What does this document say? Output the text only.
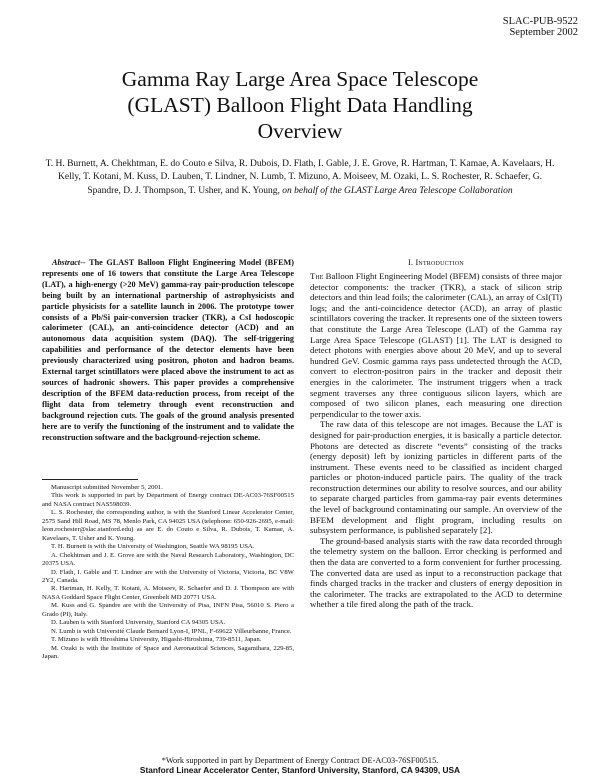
SLAC-PUB-9522
September 2002
Gamma Ray Large Area Space Telescope
(GLAST) Balloon Flight Data Handling
Overview
T. H. Burnett, A. Chekhtman, E. do Couto e Silva, R. Dubois, D. Flath, I. Gable, J. E. Grove, R. Hartman, T. Kamae, A. Kavelaars, H. Kelly, T. Kotani, M. Kuss, D. Lauben, T. Lindner, N. Lumb, T. Mizuno, A. Moiseev, M. Ozaki, L. S. Rochester, R. Schaefer, G. Spandre, D. J. Thompson, T. Usher, and K. Young, on behalf of the GLAST Large Area Telescope Collaboration
Abstract-- The GLAST Balloon Flight Engineering Model (BFEM) represents one of 16 towers that constitute the Large Area Telescope (LAT), a high-energy (>20 MeV) gamma-ray pair-production telescope being built by an international partnership of astrophysicists and particle physicists for a satellite launch in 2006. The prototype tower consists of a Pb/Si pair-conversion tracker (TKR), a CsI hodoscopic calorimeter (CAL), an anti-coincidence detector (ACD) and an autonomous data acquisition system (DAQ). The self-triggering capabilities and performance of the detector elements have been previously characterized using positron, photon and hadron beams. External target scintillators were placed above the instrument to act as sources of hadronic showers. This paper provides a comprehensive description of the BFEM data-reduction process, from receipt of the flight data from telemetry through event reconstruction and background rejection cuts. The goals of the ground analysis presented here are to verify the functioning of the instrument and to validate the reconstruction software and the background-rejection scheme.

Manuscript submitted November 5, 2001.

This work is supported in part by Department of Energy contract DE-AC03-76SF00515 and NASA contract NAS598039.

L. S. Rochester, the corresponding author, is with the Stanford Linear Accelerator Center, 2575 Sand Hill Road, MS 78, Menlo Park, CA 94025 USA (telephone: 650-926-2695, e-mail: leon.rochester@slac.stanford.edu) as are E. do Couto e Silva, R. Dubois, T. Kamae, A. Kavelaars, T. Usher and K. Young.

T. H. Burnett is with the University of Washington, Seattle WA 98195 USA.

A. Chekhtman and J. E. Grove are with the Naval Research Laboratory., Washington, DC 20375 USA.

D. Flath, I. Gable and T. Lindner are with the University of Victoria, Victoria, BC V8W 2Y2, Canada.

R. Hartman, H. Kelly, T. Kotani, A. Moiseev, R. Schaefer and D. J. Thompson are with NASA Goddard Space Flight Center, Greenbelt MD 20771 USA.

M. Kuss and G. Spandre are with the University of Pisa, INFN Pisa, 56010 S. Piero a Grado (PI), Italy.

D. Lauben is with Stanford University, Stanford CA 94305 USA.

N. Lumb is with Université Claude Bernard Lyon-I, IPNL, F-69622 Villeurbanne, France.

T. Mizuno is with Hiroshima University, Higashi-Hiroshima, 739-8511, Japan.

M. Ozaki is with the Institute of Space and Aeronautical Sciences, Sagamihara, 229-85, Japan.

I. Introduction

The Balloon Flight Engineering Model (BFEM) consists of three major detector components: the tracker (TKR), a stack of silicon strip detectors and thin lead foils; the calorimeter (CAL), an array of CsI(Tl) logs; and the anti-coincidence detector (ACD), an array of plastic scintillators covering the tracker. It represents one of the sixteen towers that constitute the Large Area Telescope (LAT) of the Gamma ray Large Area Space Telescope (GLAST) [1]. The LAT is designed to detect photons with energies above about 20 MeV, and up to several hundred GeV. Cosmic gamma rays pass undetected through the ACD, convert to electron-positron pairs in the tracker and deposit their energies in the calorimeter. The instrument triggers when a track segment traverses any three contiguous silicon layers, which are composed of two silicon planes, each measuring one direction perpendicular to the tower axis.

The raw data of this telescope are not images. Because the LAT is designed for pair-production energies, it is basically a particle detector. Photons are detected as discrete “events” consisting of the tracks (energy deposit) left by ionizing particles in different parts of the instrument. These events need to be classified as incident charged particles or photon-induced particle pairs. The quality of the track reconstruction determines our ability to resolve sources, and our ability to separate charged particles from gamma-ray pair events determines the level of background contaminating our sample. An overview of the BFEM development and flight program, including results on subsystem performance, is published separately [2].

The ground-based analysis starts with the raw data recorded through the telemetry system on the balloon. Error checking is performed and then the data are converted to a form convenient for further processing. The converted data are used as input to a reconstruction package that finds charged tracks in the tracker and clusters of energy deposition in the calorimeter. The tracks are extrapolated to the ACD to determine whether a tile fired along the path of the track.

*Work supported in part by Department of Energy Contract DE-AC03-76SF00515.
Stanford Linear Accelerator Center, Stanford University, Stanford, CA 94309, USA
